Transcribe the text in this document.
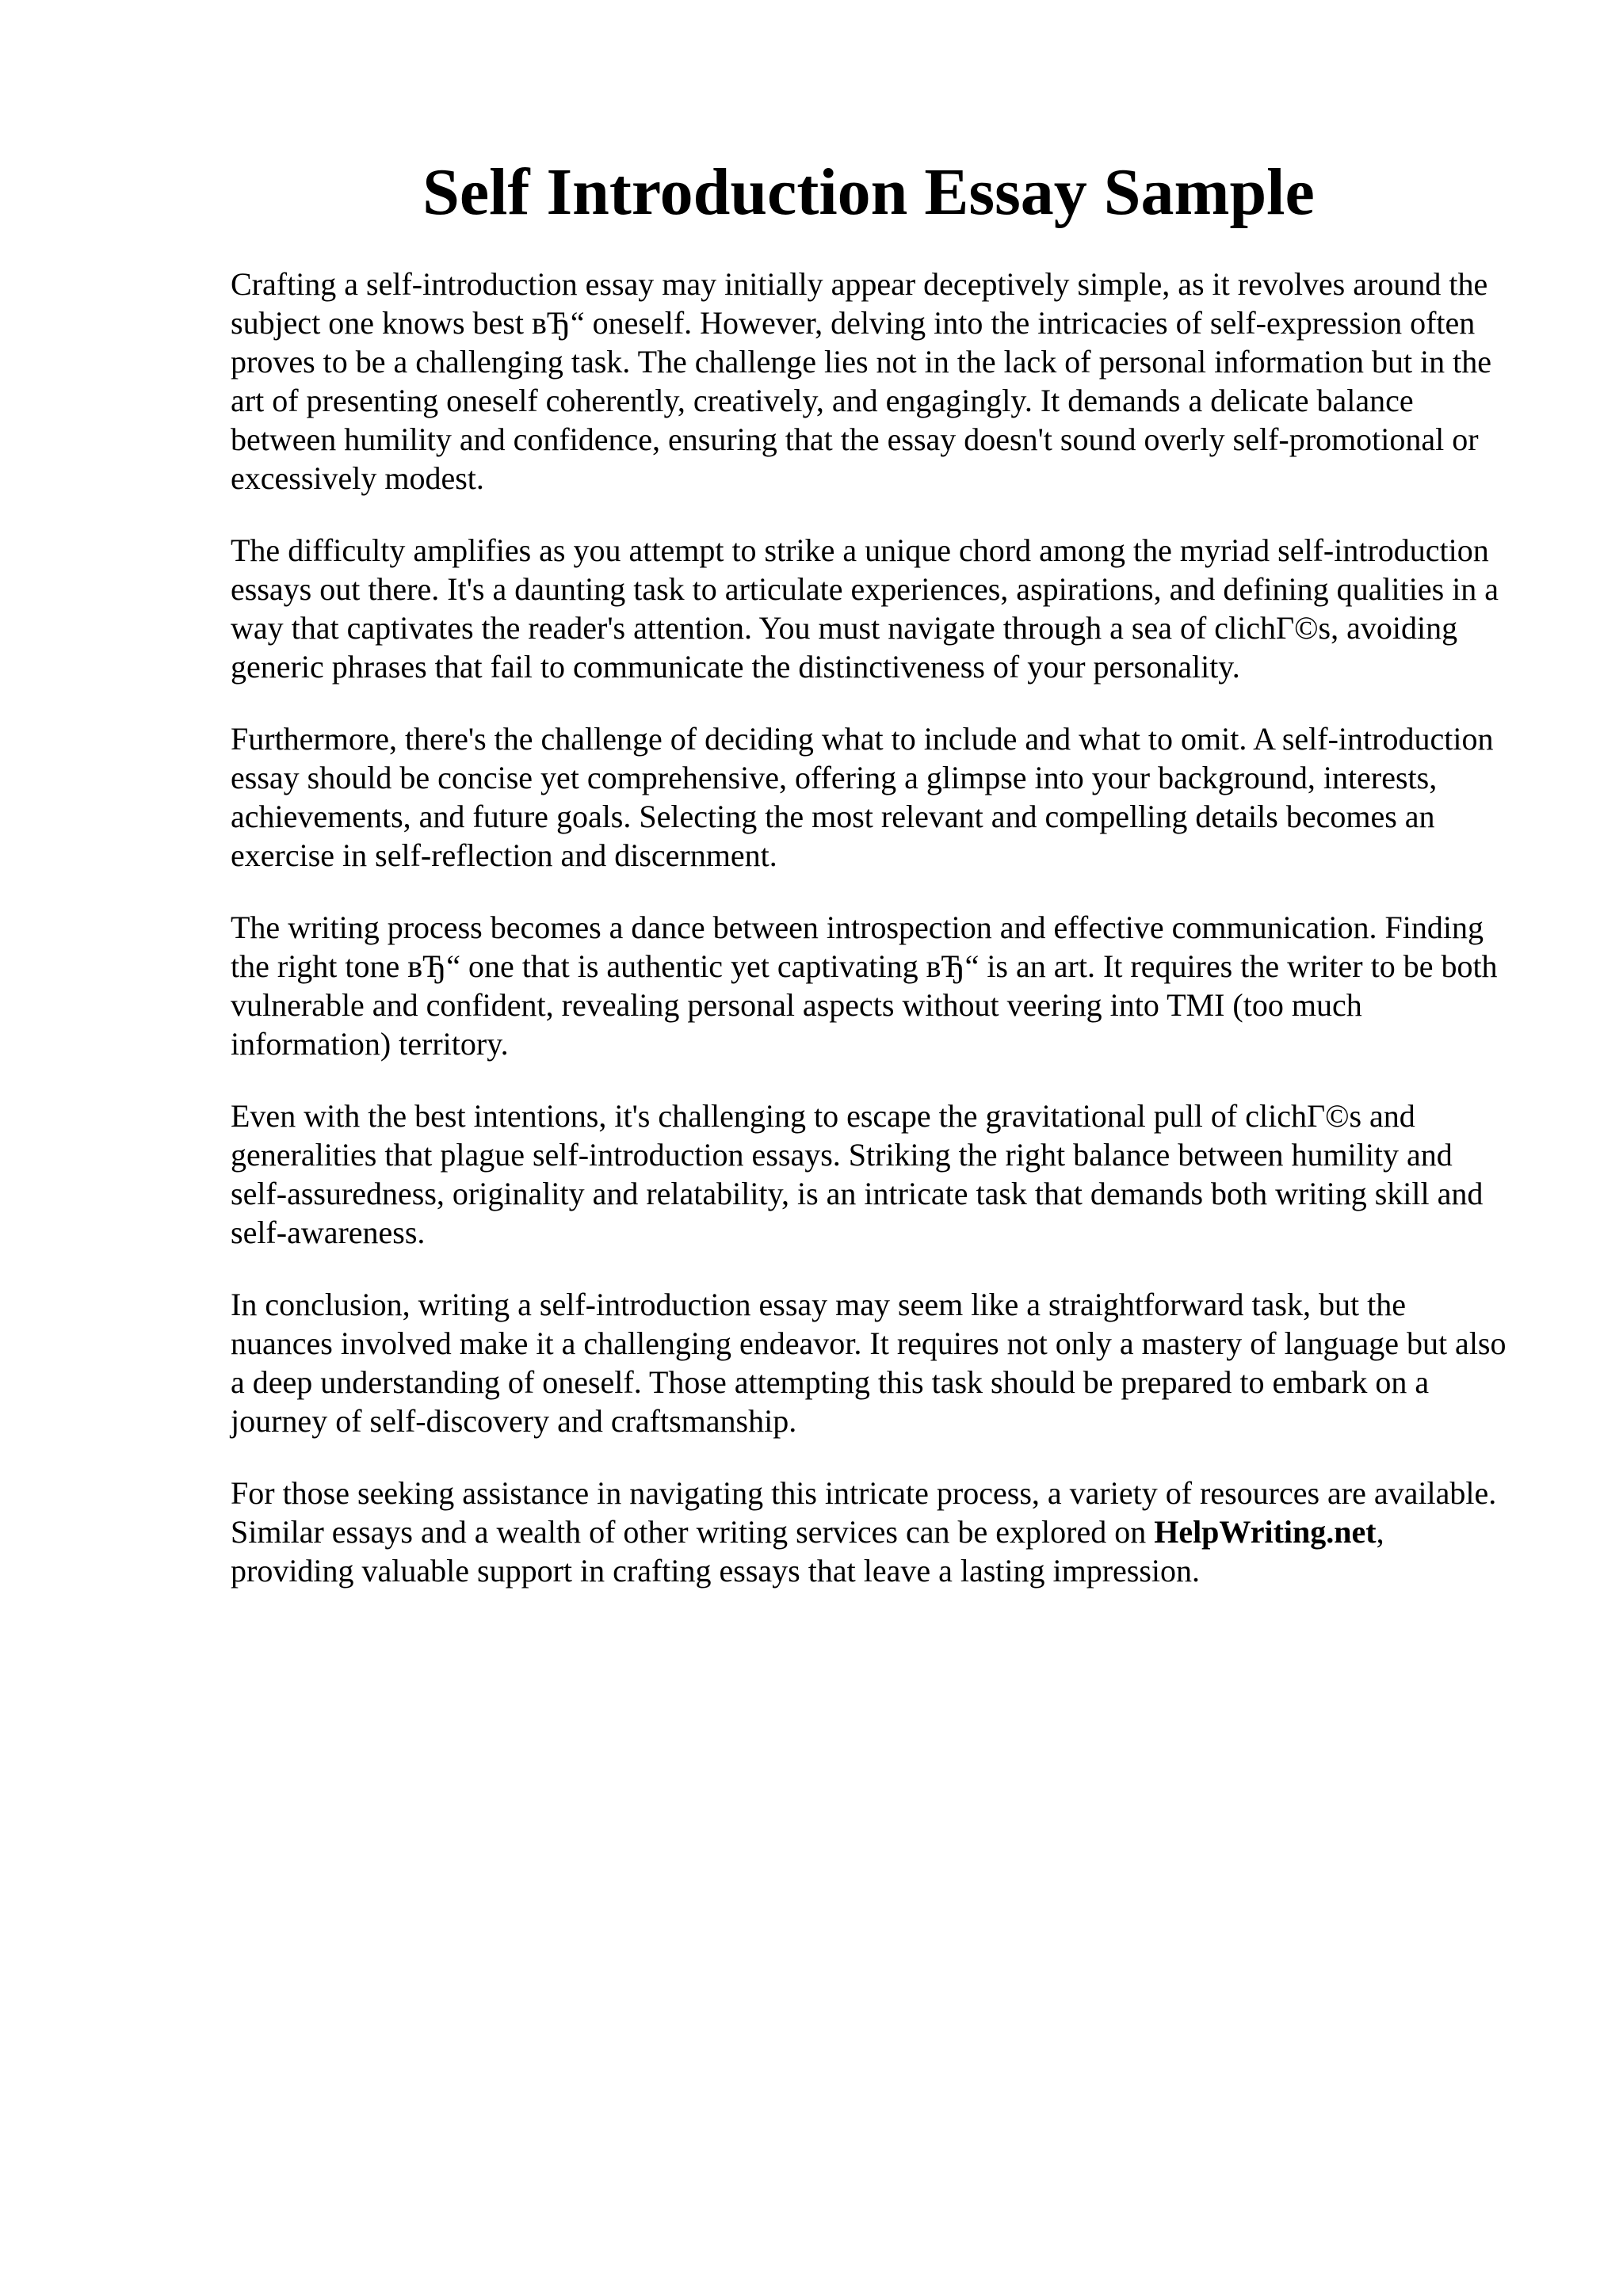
Self Introduction Essay Sample

Crafting a self-introduction essay may initially appear deceptively simple, as it revolves around the subject one knows best вЂ“ oneself. However, delving into the intricacies of self-expression often proves to be a challenging task. The challenge lies not in the lack of personal information but in the art of presenting oneself coherently, creatively, and engagingly. It demands a delicate balance between humility and confidence, ensuring that the essay doesn't sound overly self-promotional or excessively modest.

The difficulty amplifies as you attempt to strike a unique chord among the myriad self-introduction essays out there. It's a daunting task to articulate experiences, aspirations, and defining qualities in a way that captivates the reader's attention. You must navigate through a sea of clichГ©s, avoiding generic phrases that fail to communicate the distinctiveness of your personality.

Furthermore, there's the challenge of deciding what to include and what to omit. A self-introduction essay should be concise yet comprehensive, offering a glimpse into your background, interests, achievements, and future goals. Selecting the most relevant and compelling details becomes an exercise in self-reflection and discernment.

The writing process becomes a dance between introspection and effective communication. Finding the right tone вЂ“ one that is authentic yet captivating вЂ“ is an art. It requires the writer to be both vulnerable and confident, revealing personal aspects without veering into TMI (too much information) territory.

Even with the best intentions, it's challenging to escape the gravitational pull of clichГ©s and generalities that plague self-introduction essays. Striking the right balance between humility and self-assuredness, originality and relatability, is an intricate task that demands both writing skill and self-awareness.

In conclusion, writing a self-introduction essay may seem like a straightforward task, but the nuances involved make it a challenging endeavor. It requires not only a mastery of language but also a deep understanding of oneself. Those attempting this task should be prepared to embark on a journey of self-discovery and craftsmanship.

For those seeking assistance in navigating this intricate process, a variety of resources are available. Similar essays and a wealth of other writing services can be explored on HelpWriting.net, providing valuable support in crafting essays that leave a lasting impression.
